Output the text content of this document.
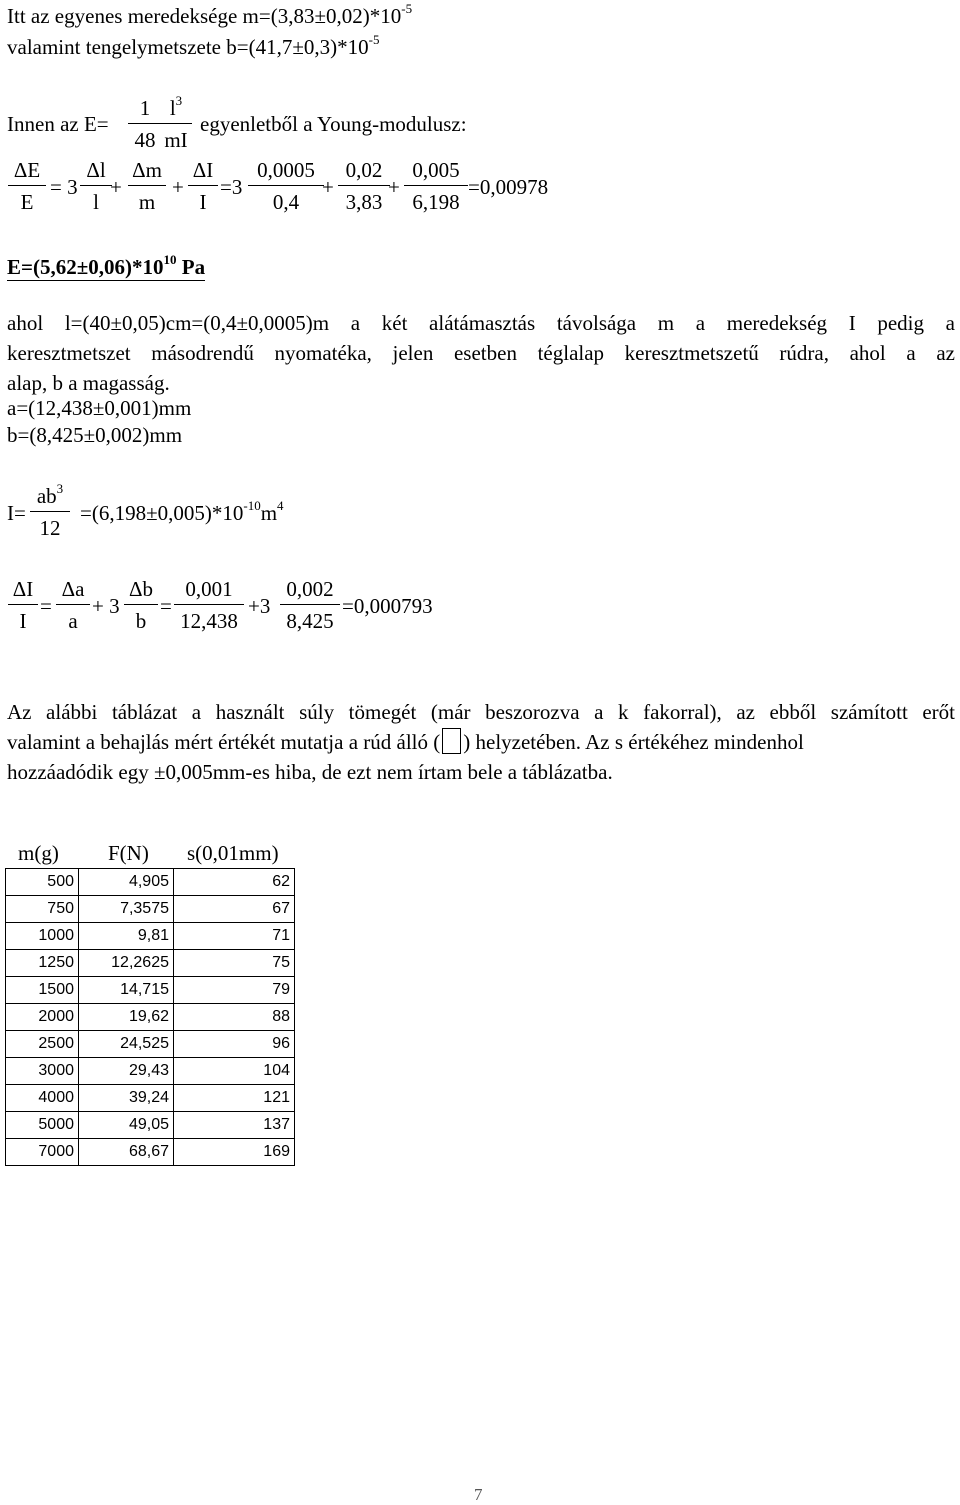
Itt az egyenes meredeksége $m=(3,83\pm 0,02)*10^{-5}$
valamint tengelymetszete $b=(41,7\pm 0,3)*10^{-5}$
Innen az E=
1
48
$l^3$
mI
egyenletből a Young-modulusz:
ΔE
E
= 3
Δl
l
+
Δm
m
+
ΔI
I
=3
0,0005
0,4
+
0,02
3,83
+
0,005
6,198
=0,00978
$E=(5,62\pm 0,06)*10^{10}$ Pa
ahol l=(40±0,05)cm=(0,4±0,0005)m a két alátámasztás távolsága m a meredekség I pedig a
keresztmetszet másodrendű nyomatéka, jelen esetben téglalap keresztmetszetű rúdra, ahol a az
alap, b a magasság.
a=(12,438±0,001)mm
b=(8,425±0,002)mm
I=
$ab^3$
12
$=(6,198\pm 0,005)*10^{-10}m^4$
ΔI
I
=
Δa
a
+ 3
Δb
b
=
0,001
12,438
+3
0,002
8,425
=0,000793
Az alábbi táblázat a használt súly tömegét (már beszorozva a k fakorral), az ebből számított erőt
valamint a behajlás mért értékét mutatja a rúd álló ( ) helyzetében. Az s értékéhez mindenhol
hozzáadódik egy ±0,005mm-es hiba, de ezt nem írtam bele a táblázatba.
m(g) F(N) s(0,01mm)
500	4,905	62
750	7,3575	67
1000	9,81	71
1250	12,2625	75
1500	14,715	79
2000	19,62	88
2500	24,525	96
3000	29,43	104
4000	39,24	121
5000	49,05	137
7000	68,67	169
7
